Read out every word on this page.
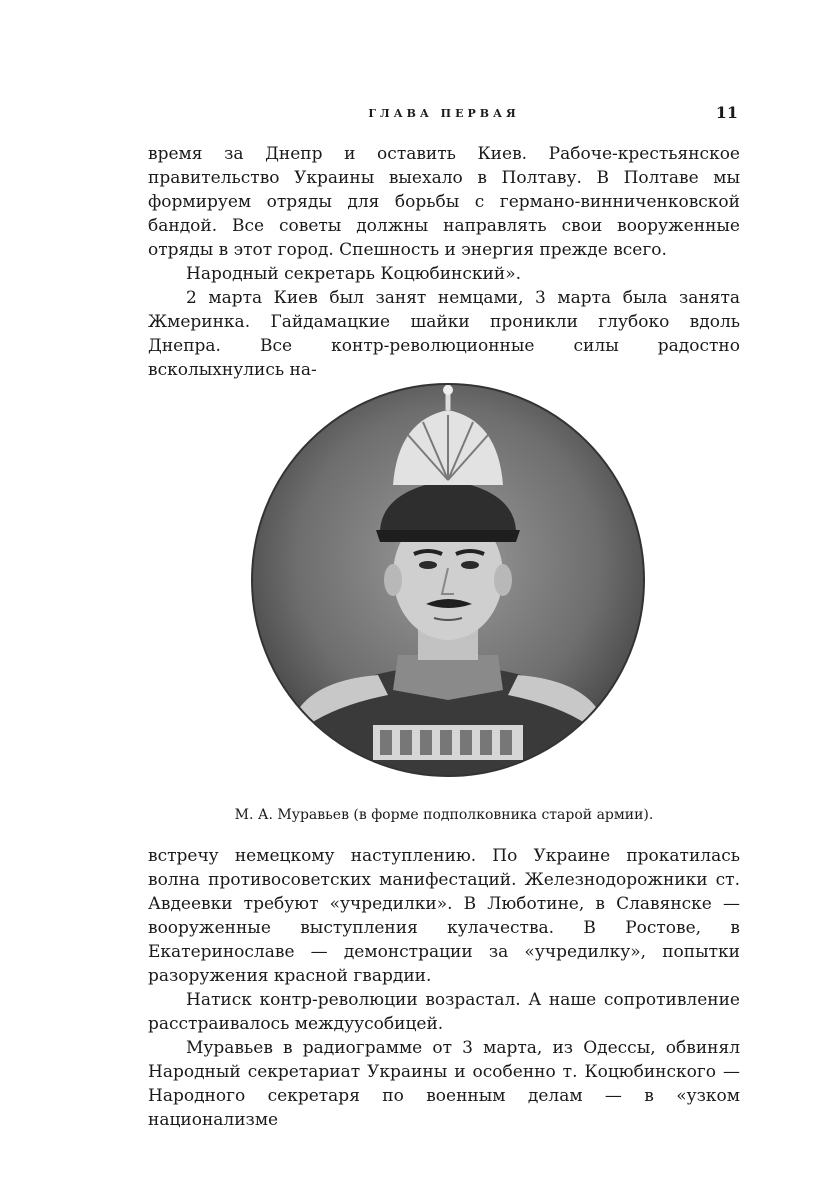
ГЛАВА ПЕРВАЯ	11

время за Днепр и оставить Киев. Рабоче-крестьянское правительство Украины выехало в Полтаву. В Полтаве мы формируем отряды для борьбы с германо-винниченковской бандой. Все советы должны направлять свои вооруженные отряды в этот город. Спешность и энергия прежде всего.

Народный секретарь Коцюбинский».

2 марта Киев был занят немцами, 3 марта была занята Жмеринка. Гайдамацкие шайки проникли глубоко вдоль Днепра. Все контр-революционные силы радостно всколыхнулись на-

М. А. Муравьев (в форме подполковника старой армии).

встречу немецкому наступлению. По Украине прокатилась волна противосоветских манифестаций. Железнодорожники ст. Авдеевки требуют «учредилки». В Люботине, в Славянске — вооруженные выступления кулачества. В Ростове, в Екатеринославе — демонстрации за «учредилку», попытки разоружения красной гвардии.

Натиск контр-революции возрастал. А наше сопротивление расстраивалось междуусобицей.

Муравьев в радиограмме от 3 марта, из Одессы, обвинял Народный секретариат Украины и особенно т. Коцюбинского — Народного секретаря по военным делам — в «узком национализме
